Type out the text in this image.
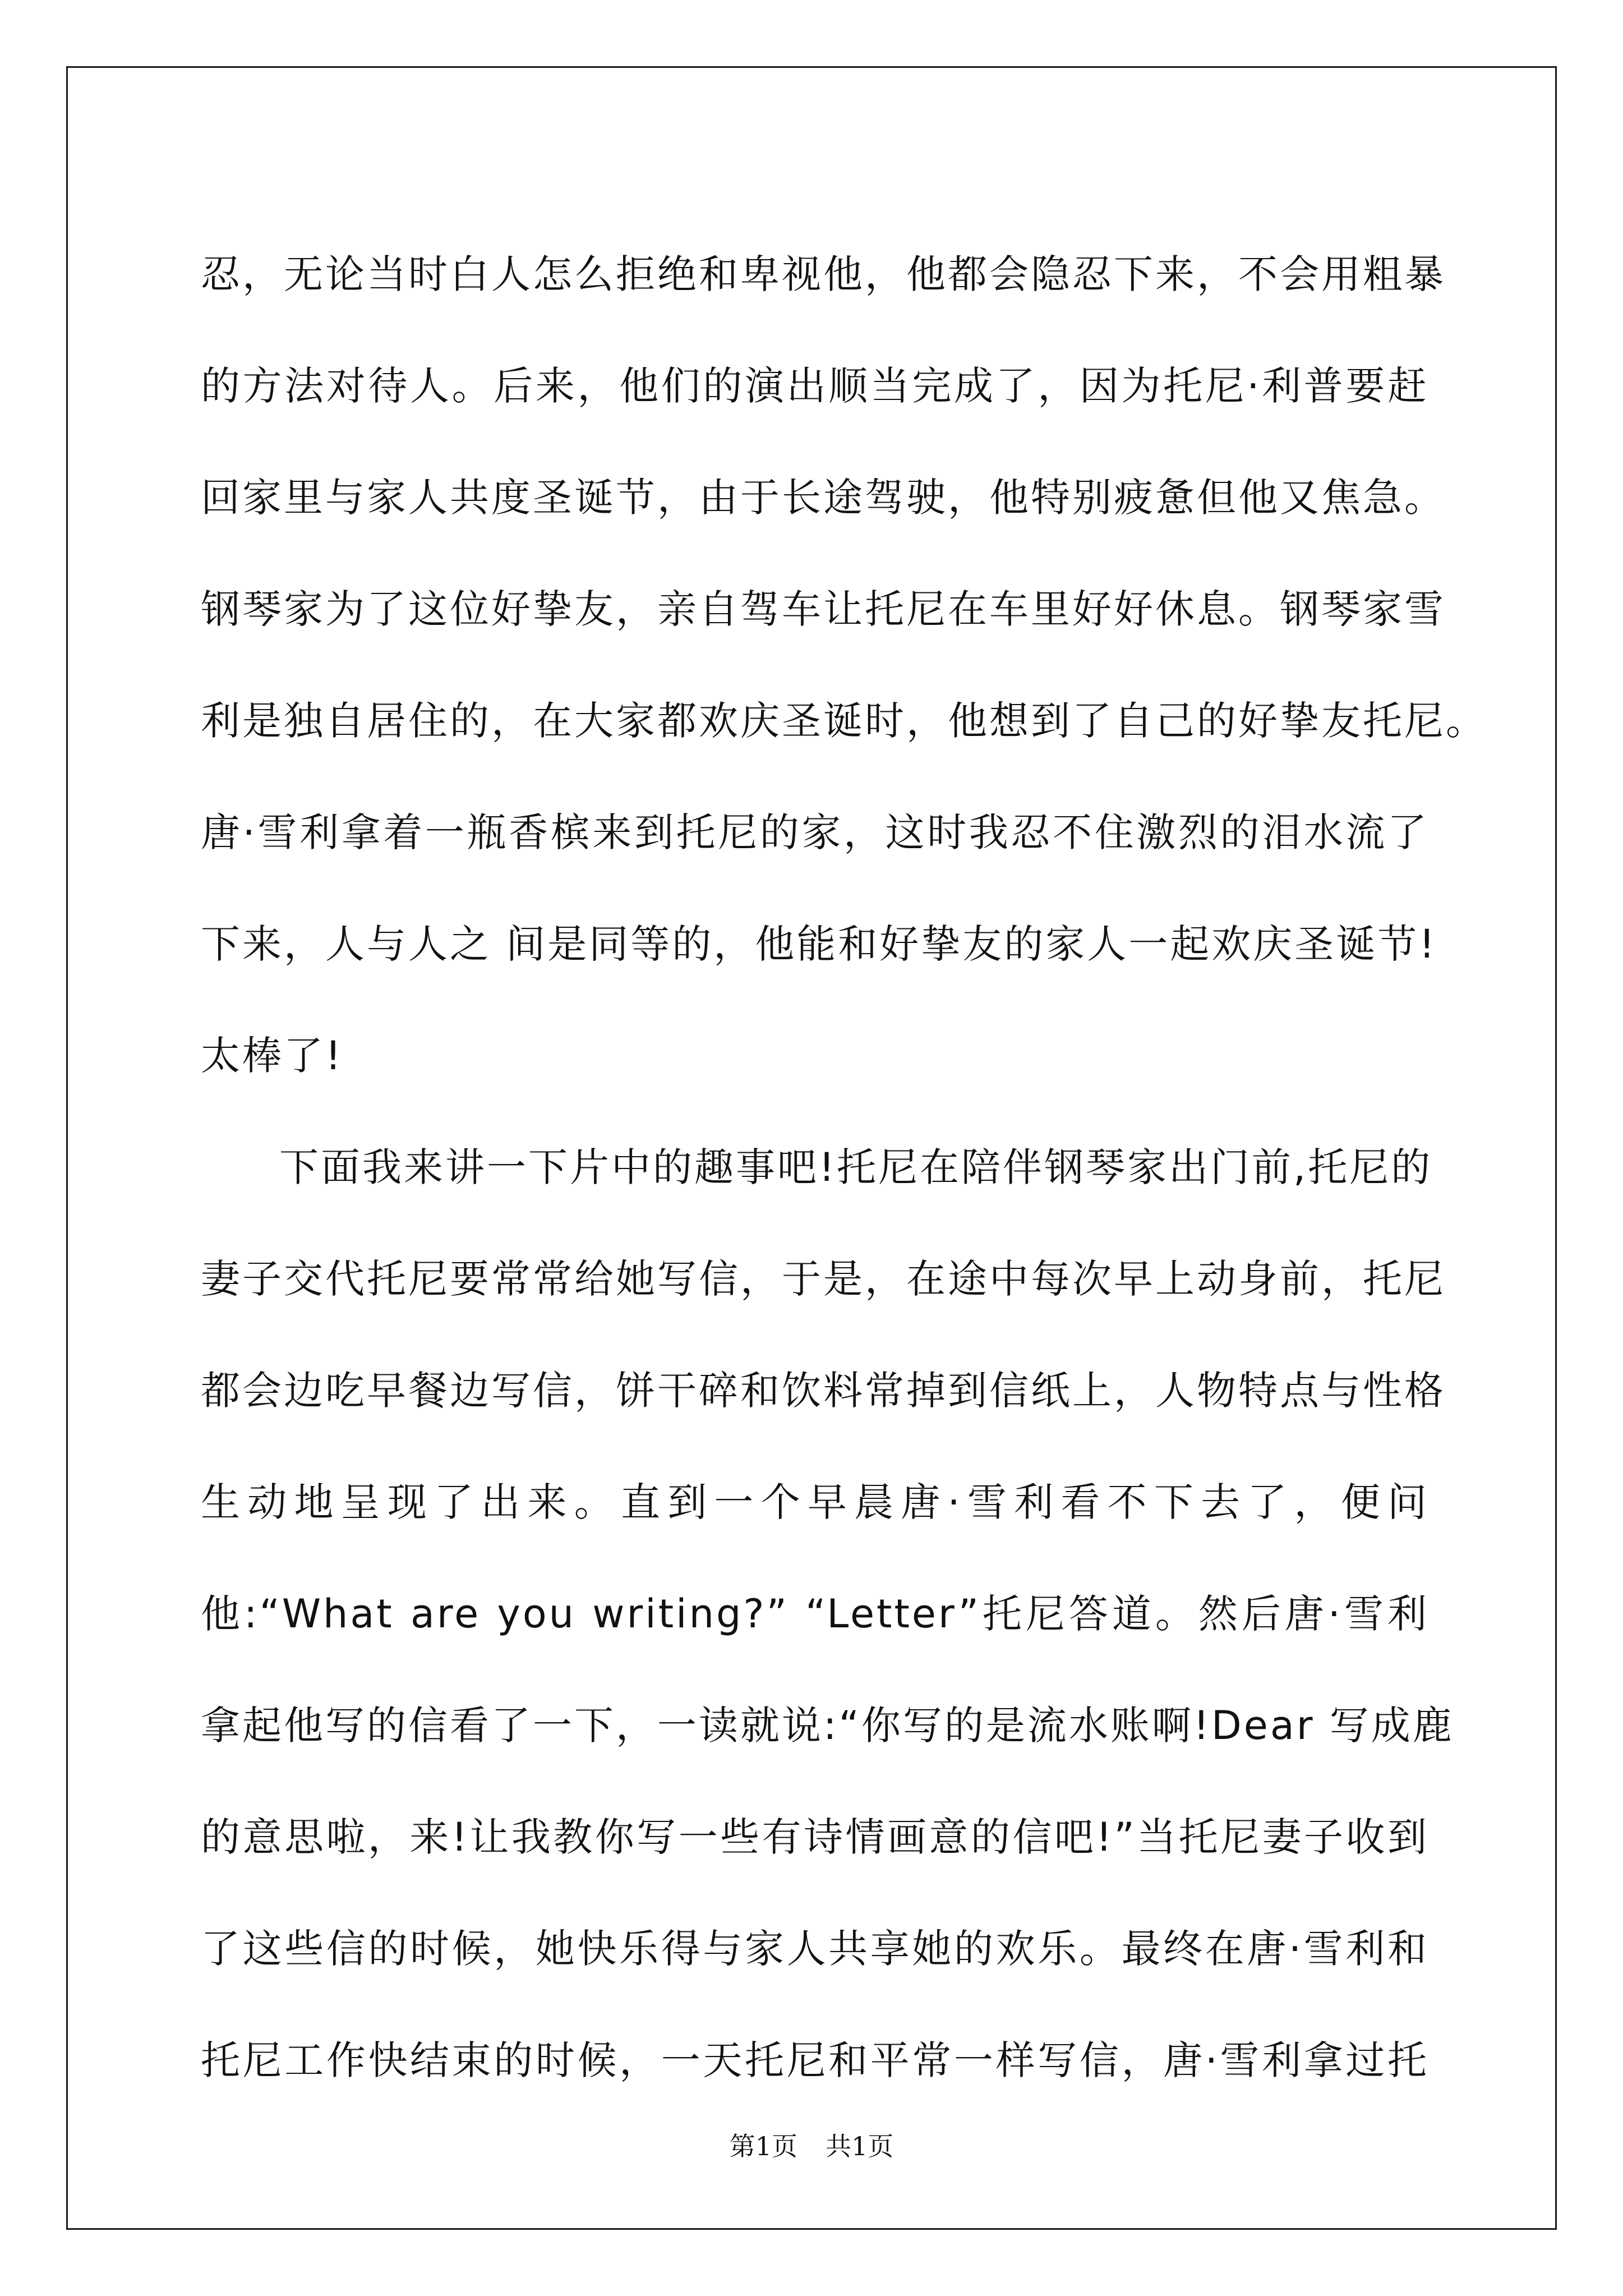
忍，无论当时白人怎么拒绝和卑视他，他都会隐忍下来，不会用粗暴
的方法对待人。后来，他们的演出顺当完成了，因为托尼·利普要赶
回家里与家人共度圣诞节，由于长途驾驶，他特别疲惫但他又焦急。
钢琴家为了这位好挚友，亲自驾车让托尼在车里好好休息。钢琴家雪
利是独自居住的，在大家都欢庆圣诞时，他想到了自己的好挚友托尼。
唐·雪利拿着一瓶香槟来到托尼的家，这时我忍不住激烈的泪水流了
下来，人与人之 间是同等的，他能和好挚友的家人一起欢庆圣诞节!
太棒了!
下面我来讲一下片中的趣事吧!托尼在陪伴钢琴家出门前,托尼的
妻子交代托尼要常常给她写信，于是，在途中每次早上动身前，托尼
都会边吃早餐边写信，饼干碎和饮料常掉到信纸上，人物特点与性格
生动地呈现了出来。直到一个早晨唐·雪利看不下去了，便问
他:“What are you writing?” “Letter”托尼答道。然后唐·雪利
拿起他写的信看了一下，一读就说:“你写的是流水账啊!Dear 写成鹿
的意思啦，来!让我教你写一些有诗情画意的信吧!”当托尼妻子收到
了这些信的时候，她快乐得与家人共享她的欢乐。最终在唐·雪利和
托尼工作快结束的时候，一天托尼和平常一样写信，唐·雪利拿过托
第1页 共1页
